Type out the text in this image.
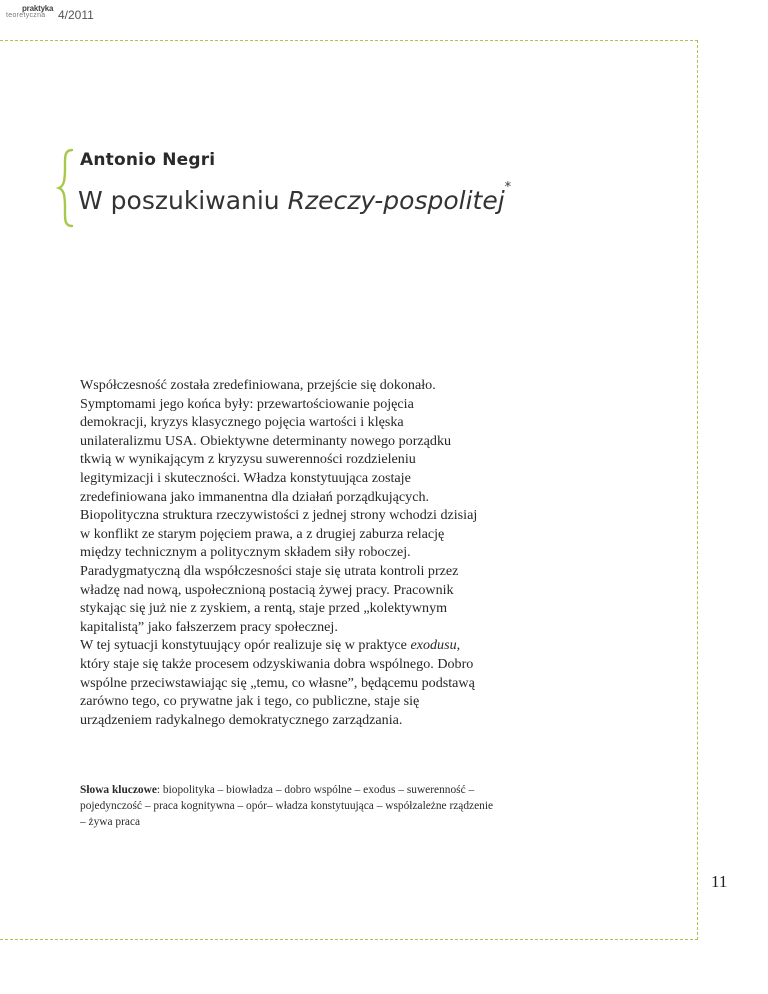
praktyka
teoretyczna 4/2011
Antonio Negri
W poszukiwaniu Rzeczy-pospolitej*

Współczesność została zredefiniowana, przejście się dokonało. Symptomami jego końca były: przewartościowanie pojęcia demokracji, kryzys klasycznego pojęcia wartości i klęska unilateralizmu USA. Obiektywne determinanty nowego porządku tkwią w wynikającym z kryzysu suwerenności rozdzieleniu legitymizacji i skuteczności. Władza konstytuująca zostaje zredefiniowana jako immanentna dla działań porządkujących. Biopolityczna struktura rzeczywistości z jednej strony wchodzi dzisiaj w konflikt ze starym pojęciem prawa, a z drugiej zaburza relację między technicznym a politycznym składem siły roboczej. Paradygmatyczną dla współczesności staje się utrata kontroli przez władzę nad nową, uspołecznioną postacią żywej pracy. Pracownik stykając się już nie z zyskiem, a rentą, staje przed „kolektywnym kapitalistą” jako fałszerzem pracy społecznej.

W tej sytuacji konstytuujący opór realizuje się w praktyce exodusu, który staje się także procesem odzyskiwania dobra wspólnego. Dobro wspólne przeciwstawiając się „temu, co własne”, będącemu podstawą zarówno tego, co prywatne jak i tego, co publiczne, staje się urządzeniem radykalnego demokratycznego zarządzania.

Słowa kluczowe: biopolityka – biowładza – dobro wspólne – exodus – suwerenność – pojedynczość – praca kognitywna – opór– władza konstytuująca – współzależne rządzenie – żywa praca
11
